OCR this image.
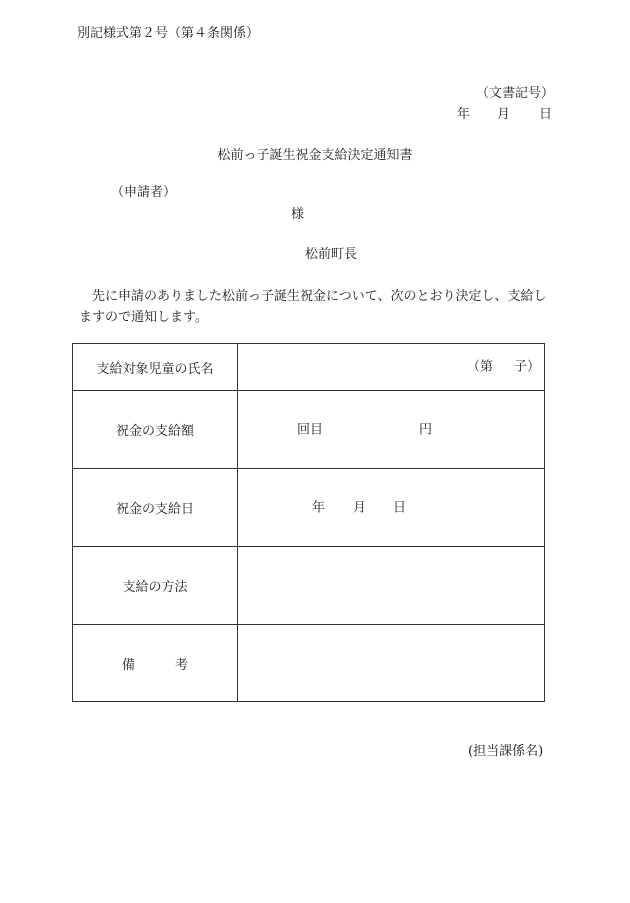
別記様式第２号（第４条関係）
（文書記号）
年 月 日
松前っ子誕生祝金支給決定通知書
（申請者）
様
松前町長
先に申請のありました松前っ子誕生祝金について、次のとおり決定し、支給しますので通知します。
支給対象児童の氏名	（第 子）

祝金の支給額	回目 円

祝金の支給日	年 月 日

支給の方法	
備 考	
(担当課係名)
